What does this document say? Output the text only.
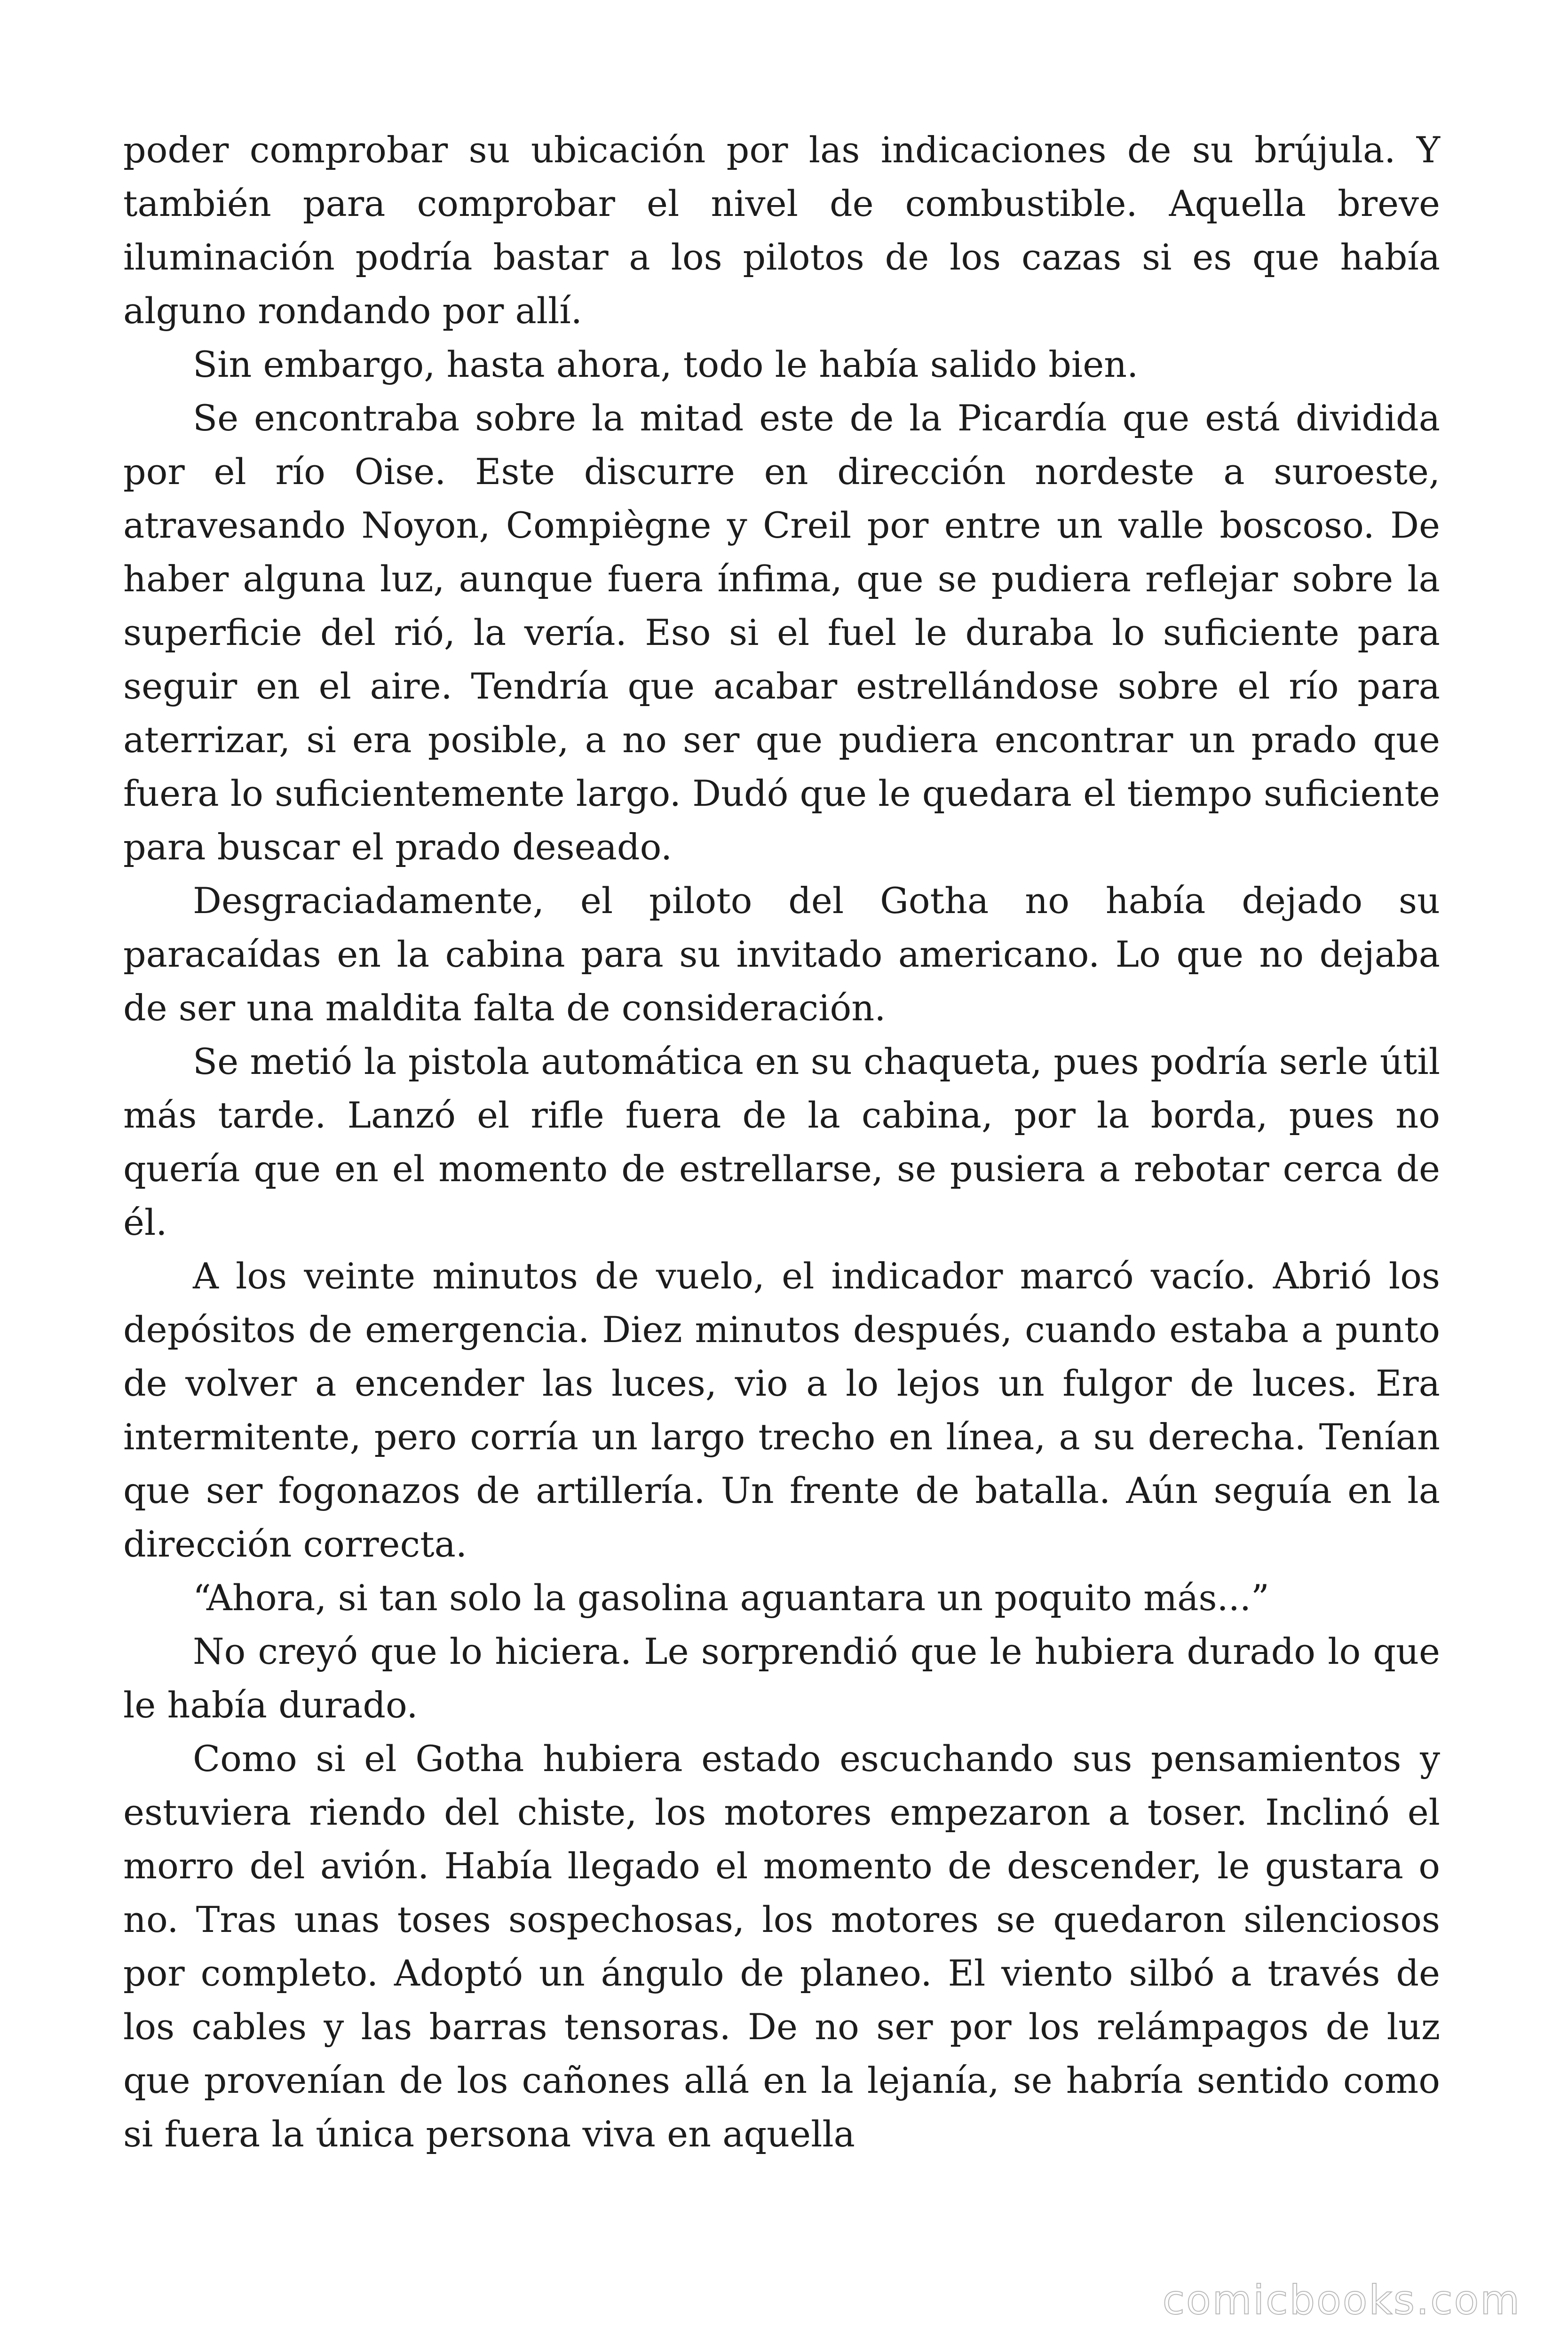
poder comprobar su ubicación por las indicaciones de su brújula. Y también para comprobar el nivel de combustible. Aquella breve iluminación podría bastar a los pilotos de los cazas si es que había alguno rondando por allí.

Sin embargo, hasta ahora, todo le había salido bien.

Se encontraba sobre la mitad este de la Picardía que está dividida por el río Oise. Este discurre en dirección nordeste a suroeste, atravesando Noyon, Compiègne y Creil por entre un valle boscoso. De haber alguna luz, aunque fuera ínfima, que se pudiera reflejar sobre la superficie del rió, la vería. Eso si el fuel le duraba lo suficiente para seguir en el aire. Tendría que acabar estrellándose sobre el río para aterrizar, si era posible, a no ser que pudiera encontrar un prado que fuera lo suficientemente largo. Dudó que le quedara el tiempo suficiente para buscar el prado deseado.

Desgraciadamente, el piloto del Gotha no había dejado su paracaídas en la cabina para su invitado americano. Lo que no dejaba de ser una maldita falta de consideración.

Se metió la pistola automática en su chaqueta, pues podría serle útil más tarde. Lanzó el rifle fuera de la cabina, por la borda, pues no quería que en el momento de estrellarse, se pusiera a rebotar cerca de él.

A los veinte minutos de vuelo, el indicador marcó vacío. Abrió los depósitos de emergencia. Diez minutos después, cuando estaba a punto de volver a encender las luces, vio a lo lejos un fulgor de luces. Era intermitente, pero corría un largo trecho en línea, a su derecha. Tenían que ser fogonazos de artillería. Un frente de batalla. Aún seguía en la dirección correcta.

“Ahora, si tan solo la gasolina aguantara un poquito más...”

No creyó que lo hiciera. Le sorprendió que le hubiera durado lo que le había durado.

Como si el Gotha hubiera estado escuchando sus pensamientos y estuviera riendo del chiste, los motores empezaron a toser. Inclinó el morro del avión. Había llegado el momento de descender, le gustara o no. Tras unas toses sospechosas, los motores se quedaron silenciosos por completo. Adoptó un ángulo de planeo. El viento silbó a través de los cables y las barras tensoras. De no ser por los relámpagos de luz que provenían de los cañones allá en la lejanía, se habría sentido como si fuera la única persona viva en aquella

comicbooks.com
